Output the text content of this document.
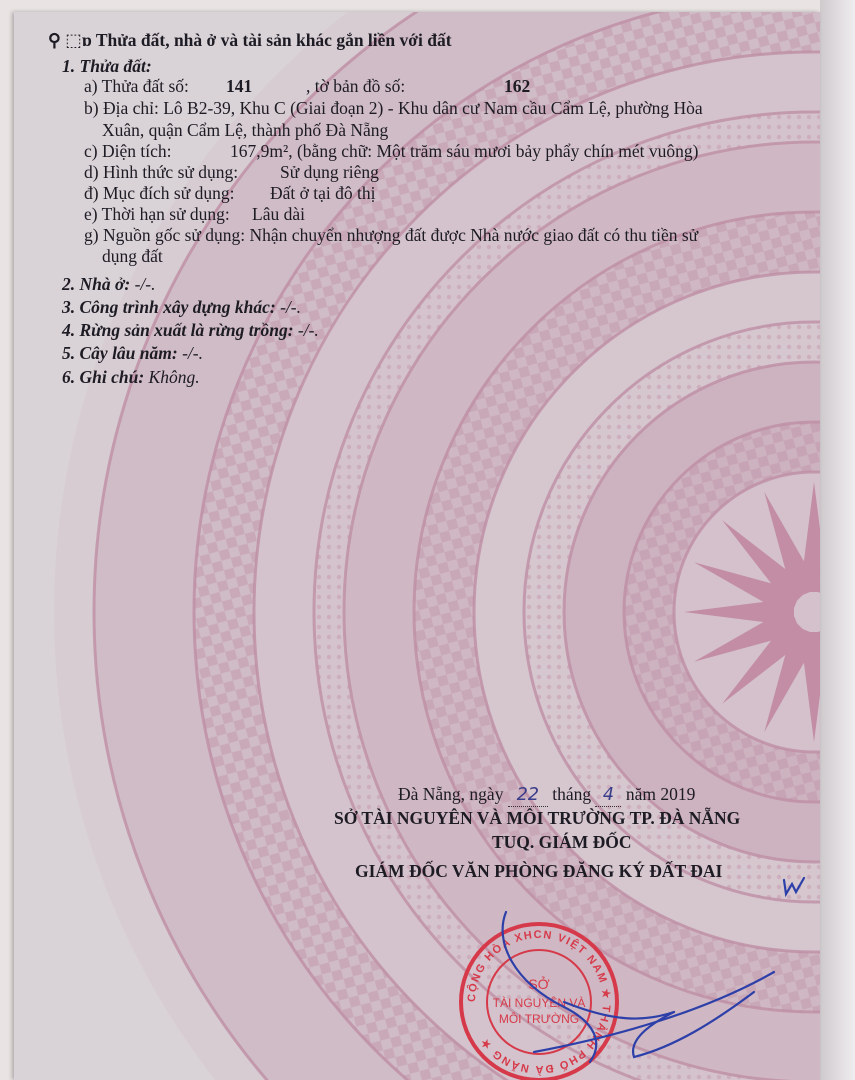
⚲ ⬚ɒ Thửa đất, nhà ở và tài sản khác gắn liền với đất
1. Thửa đất:
a) Thửa đất số: 141	, tờ bản đồ số:	162
b) Địa chỉ: Lô B2-39, Khu C (Giai đoạn 2) - Khu dân cư Nam cầu Cẩm Lệ, phường Hòa
Xuân, quận Cẩm Lệ, thành phố Đà Nẵng
c) Diện tích:	167,9m², (bằng chữ: Một trăm sáu mươi bảy phẩy chín mét vuông)
d) Hình thức sử dụng: Sử dụng riêng
đ) Mục đích sử dụng: Đất ở tại đô thị
e) Thời hạn sử dụng: Lâu dài
g) Nguồn gốc sử dụng: Nhận chuyển nhượng đất được Nhà nước giao đất có thu tiền sử
dụng đất
2. Nhà ở: -/-.
3. Công trình xây dựng khác: -/-.
4. Rừng sản xuất là rừng trồng: -/-.
5. Cây lâu năm: -/-.
6. Ghi chú: Không.
Đà Nẵng, ngày 22 tháng 4 năm 2019
SỞ TÀI NGUYÊN VÀ MÔI TRƯỜNG TP. ĐÀ NẴNG
TUQ. GIÁM ĐỐC
GIÁM ĐỐC VĂN PHÒNG ĐĂNG KÝ ĐẤT ĐAI
CỘNG HÒA XHCN VIỆT NAM ★ THÀNH PHỐ ĐÀ NẴNG ★
SỞ
TÀI NGUYÊN VÀ
MÔI TRƯỜNG
